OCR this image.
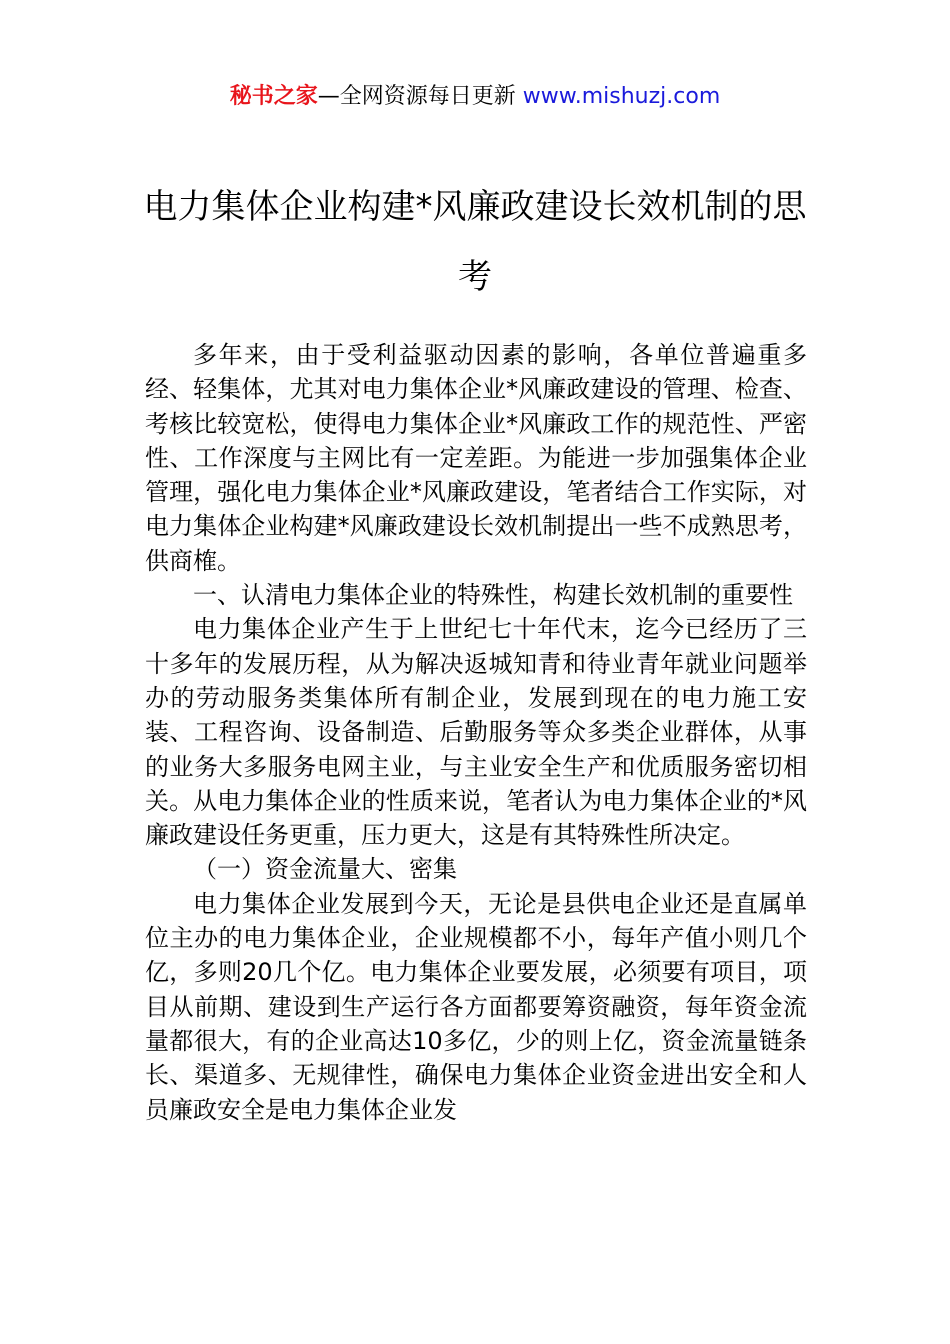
秘书之家—全网资源每日更新 www.mishuzj.com
电力集体企业构建*风廉政建设长效机制的思考

多年来，由于受利益驱动因素的影响，各单位普遍重多经、轻集体，尤其对电力集体企业*风廉政建设的管理、检查、考核比较宽松，使得电力集体企业*风廉政工作的规范性、严密性、工作深度与主网比有一定差距。为能进一步加强集体企业管理，强化电力集体企业*风廉政建设，笔者结合工作实际，对电力集体企业构建*风廉政建设长效机制提出一些不成熟思考，供商榷。

一、认清电力集体企业的特殊性，构建长效机制的重要性

电力集体企业产生于上世纪七十年代末，迄今已经历了三十多年的发展历程，从为解决返城知青和待业青年就业问题举办的劳动服务类集体所有制企业，发展到现在的电力施工安装、工程咨询、设备制造、后勤服务等众多类企业群体，从事的业务大多服务电网主业，与主业安全生产和优质服务密切相关。从电力集体企业的性质来说，笔者认为电力集体企业的*风廉政建设任务更重，压力更大，这是有其特殊性所决定。

（一）资金流量大、密集

电力集体企业发展到今天，无论是县供电企业还是直属单位主办的电力集体企业，企业规模都不小，每年产值小则几个亿，多则20几个亿。电力集体企业要发展，必须要有项目，项目从前期、建设到生产运行各方面都要筹资融资，每年资金流量都很大，有的企业高达10多亿，少的则上亿，资金流量链条长、渠道多、无规律性，确保电力集体企业资金进出安全和人员廉政安全是电力集体企业发
